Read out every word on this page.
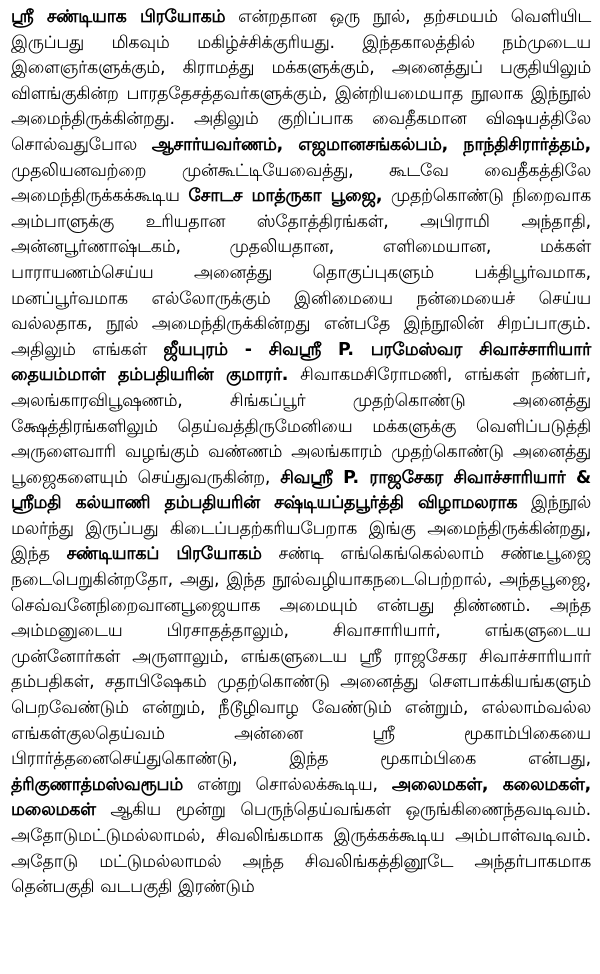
ஸ்ரீ சண்டியாக பிரயோகம் என்றதான ஒரு நூல், தற்சமயம் வெளியிட இருப்பது மிகவும் மகிழ்ச்சிக்குரியது. இந்தகாலத்தில் நம்முடைய இளைஞர்களுக்கும், கிராமத்து மக்களுக்கும், அனைத்துப் பகுதியிலும் விளங்குகின்ற பாரததேசத்தவர்களுக்கும், இன்றியமையாத நூலாக இந்நூல் அமைந்திருக்கின்றது. அதிலும் குறிப்பாக வைதீகமான விஷயத்திலே சொல்வதுபோல ஆசார்யவர்ணம், எஜமானசங்கல்பம், நாந்திசிரார்த்தம், முதலியனவற்றை முன்கூட்டியேவைத்து, கூடவே வைதீகத்திலே அமைந்திருக்கக்கூடிய சோடச மாத்ருகா பூஜை, முதற்கொண்டு நிறைவாக அம்பாளுக்கு உரியதான ஸ்தோத்திரங்கள், அபிராமி அந்தாதி, அன்னபூர்ணாஷ்டகம், முதலியதான, எளிமையான, மக்கள் பாராயணம்செய்ய அனைத்து தொகுப்புகளும் பக்திபூர்வமாக, மனப்பூர்வமாக எல்லோருக்கும் இனிமையை நன்மையைச் செய்ய வல்லதாக, நூல் அமைந்திருக்கின்றது என்பதே இந்நூலின் சிறப்பாகும். அதிலும் எங்கள் ஜீயபுரம் - சிவஸ்ரீ P. பரமேஸ்வர சிவாச்சாரியார் தையம்மாள் தம்பதியரின் குமாரர். சிவாகமசிரோமணி, எங்கள் நண்பர், அலங்காரவிபூஷணம், சிங்கப்பூர் முதற்கொண்டு அனைத்து க்ஷேத்திரங்களிலும் தெய்வத்திருமேனியை மக்களுக்கு வெளிப்படுத்தி அருளைவாரி வழங்கும் வண்ணம் அலங்காரம் முதற்கொண்டு அனைத்து பூஜைகளையும் செய்துவருகின்ற, சிவஸ்ரீ P. ராஜசேகர சிவாச்சாரியார் & ஸ்ரீமதி கல்யாணி தம்பதியரின் சஷ்டியப்தபூர்த்தி விழாமலராக இந்நூல் மலர்ந்து இருப்பது கிடைப்பதற்கரியபேறாக இங்கு அமைந்திருக்கின்றது, இந்த சண்டியாகப் பிரயோகம் சண்டி எங்கெங்கெல்லாம் சண்டீபூஜை நடைபெறுகின்றதோ, அது, இந்த நூல்வழியாகநடைபெற்றால், அந்தபூஜை, செவ்வனேநிறைவானபூஜையாக அமையும் என்பது திண்ணம். அந்த அம்மனுடைய பிரசாதத்தாலும், சிவாசாரியார், எங்களுடைய முன்னோர்கள் அருளாலும், எங்களுடைய ஸ்ரீ ராஜசேகர சிவாச்சாரியார் தம்பதிகள், சதாபிஷேகம் முதற்கொண்டு அனைத்து சௌபாக்கியங்களும் பெறவேண்டும் என்றும், நீடூழிவாழ வேண்டும் என்றும், எல்லாம்வல்ல எங்கள்குலதெய்வம் அன்னை ஸ்ரீ மூகாம்பிகையை பிரார்த்தனைசெய்துகொண்டு, இந்த மூகாம்பிகை என்பது, த்ரிகுணாத்மஸ்வரூபம் என்று சொல்லக்கூடிய, அலைமகள், கலைமகள், மலைமகள் ஆகிய மூன்று பெருந்தெய்வங்கள் ஒருங்கிணைந்தவடிவம். அதோடுமட்டுமல்லாமல், சிவலிங்கமாக இருக்கக்கூடிய அம்பாள்வடிவம். அதோடு மட்டுமல்லாமல் அந்த சிவலிங்கத்தினூடே அந்தர்பாகமாக தென்பகுதி வடபகுதி இரண்டும்
